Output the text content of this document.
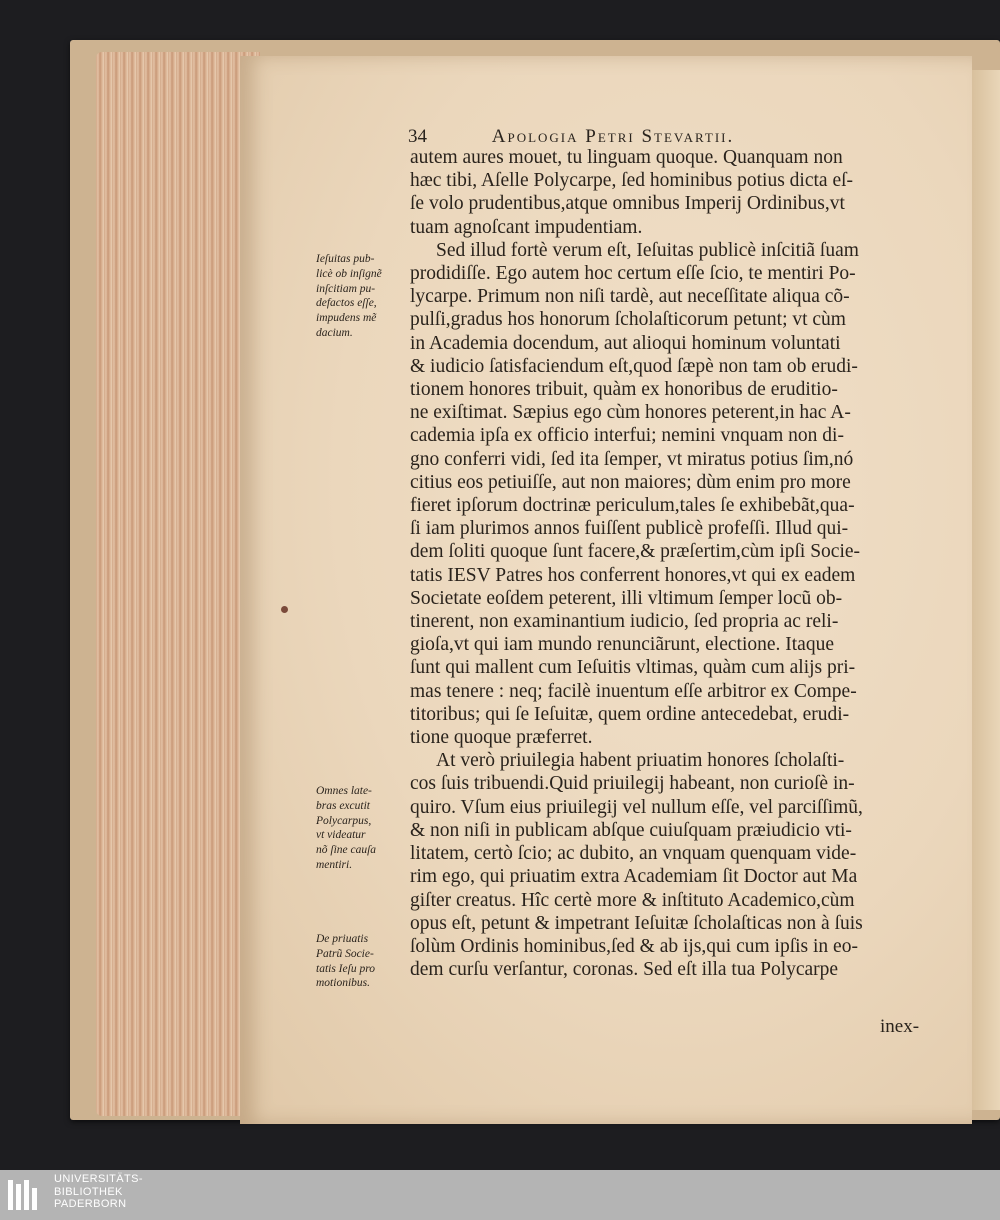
34	Apologia Petri Stevartii.
autem aures mouet, tu linguam quoque. Quanquam non
hæc tibi, Aſelle Polycarpe, ſed hominibus potius dicta eſ-
ſe volo prudentibus,atque omnibus Imperij Ordinibus,vt
tuam agnoſcant impudentiam.
Sed illud fortè verum eſt, Ieſuitas publicè inſcitiã ſuam
prodidiſſe. Ego autem hoc certum eſſe ſcio, te mentiri Po-
lycarpe. Primum non niſi tardè, aut neceſſitate aliqua cõ-
pulſi,gradus hos honorum ſcholaſticorum petunt; vt cùm
in Academia docendum, aut alioqui hominum voluntati
& iudicio ſatisfaciendum eſt,quod ſæpè non tam ob erudi-
tionem honores tribuit, quàm ex honoribus de eruditio-
ne exiſtimat. Sæpius ego cùm honores peterent,in hac A-
cademia ipſa ex officio interfui; nemini vnquam non di-
gno conferri vidi, ſed ita ſemper, vt miratus potius ſim,nó
citius eos petiuiſſe, aut non maiores; dùm enim pro more
fieret ipſorum doctrinæ periculum,tales ſe exhibebãt,qua-
ſi iam plurimos annos fuiſſent publicè profeſſi. Illud qui-
dem ſoliti quoque ſunt facere,& præſertim,cùm ipſi Socie-
tatis IESV Patres hos conferrent honores,vt qui ex eadem
Societate eoſdem peterent, illi vltimum ſemper locũ ob-
tinerent, non examinantium iudicio, ſed propria ac reli-
gioſa,vt qui iam mundo renunciãrunt, electione. Itaque
ſunt qui mallent cum Ieſuitis vltimas, quàm cum alijs pri-
mas tenere : neq; facilè inuentum eſſe arbitror ex Compe-
titoribus; qui ſe Ieſuitæ, quem ordine antecedebat, erudi-
tione quoque præferret.
At verò priuilegia habent priuatim honores ſcholaſti-
cos ſuis tribuendi.Quid priuilegij habeant, non curioſè in-
quiro. Vſum eius priuilegij vel nullum eſſe, vel parciſſimũ,
& non niſi in publicam abſque cuiuſquam præiudicio vti-
litatem, certò ſcio; ac dubito, an vnquam quenquam vide-
rim ego, qui priuatim extra Academiam ſit Doctor aut Ma
giſter creatus. Hîc certè more & inſtituto Academico,cùm
opus eſt, petunt & impetrant Ieſuitæ ſcholaſticas non à ſuis
ſolùm Ordinis hominibus,ſed & ab ijs,qui cum ipſis in eo-
dem curſu verſantur, coronas. Sed eſt illa tua Polycarpe
Ieſuitas pub-
licè ob inſignẽ
inſcitiam pu-
defactos eſſe,
impudens mẽ
dacium.
Omnes late-
bras excutit
Polycarpus,
vt videatur
nõ ſine cauſa
mentiri.
De priuatis
Patrũ Socie-
tatis Ieſu pro
motionibus.
inex-
UNIVERSITÄTS-
BIBLIOTHEK
PADERBORN
